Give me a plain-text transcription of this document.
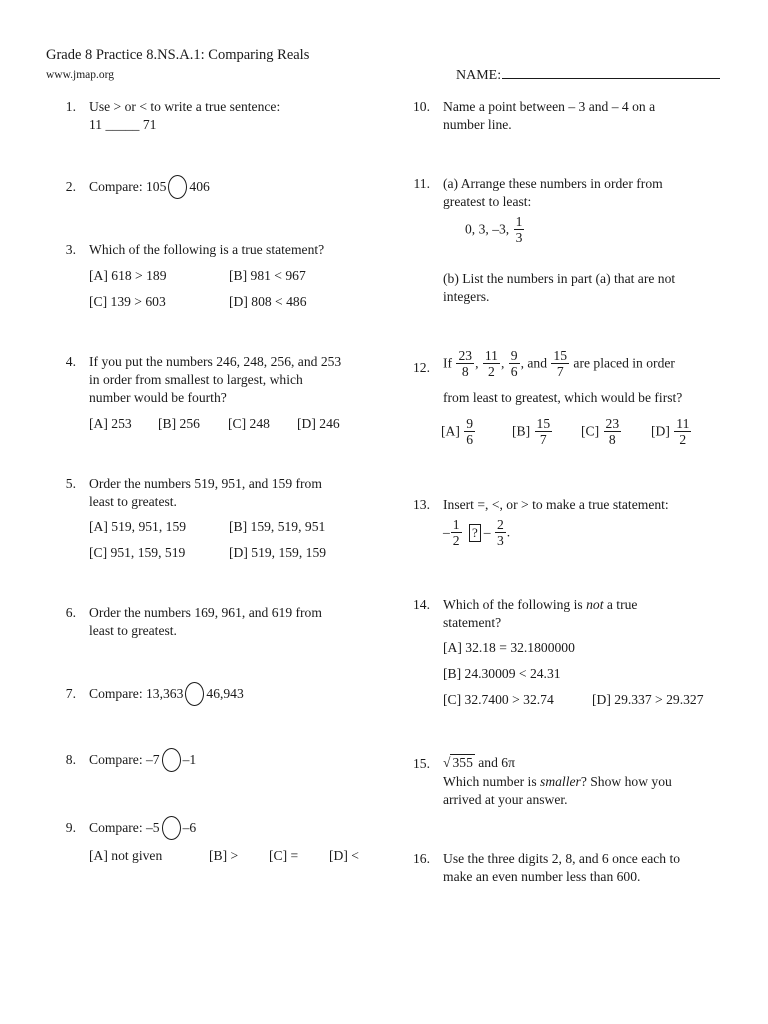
Grade 8 Practice 8.NS.A.1: Comparing Reals
www.jmap.org	NAME:
1. Use > or < to write a true sentence:
11 _____ 71
2. Compare: 105 406
3. Which of the following is a true statement?
[A] 618 > 189	[B] 981 < 967
[C] 139 > 603	[D] 808 < 486
4. If you put the numbers 246, 248, 256, and 253
in order from smallest to largest, which
number would be fourth?
[A] 253 [B] 256 [C] 248 [D] 246
5. Order the numbers 519, 951, and 159 from
least to greatest.
[A] 519, 951, 159	[B] 159, 519, 951
[C] 951, 159, 519	[D] 519, 159, 159
6. Order the numbers 169, 961, and 619 from
least to greatest.
7. Compare: 13,363 46,943
8. Compare: –7 –1
9. Compare: –5 –6
[A] not given	[B] > [C] = [D] <
10. Name a point between – 3 and – 4 on a
number line.
11. (a) Arrange these numbers in order from
greatest to least:
0, 3, –3, $\frac{1}{3}$
(b) List the numbers in part (a) that are not
integers.
12. If $\frac{23}{8}$ , $\frac{11}{2}$ , $\frac{9}{6}$ , and $\frac{15}{7}$ are placed in order
from least to greatest, which would be first?
$[A] \frac{9}{6}$	$[B] \frac{15}{7} [C] \frac{23}{8} [D] \frac{11}{2}$
13. Insert =, <, or > to make a true statement:
– $\frac{1}{2}$ ? – $\frac{2}{3}$ .
14. Which of the following is not a true
statement?
[A] 32.18 = 32.1800000
[B] 24.30009 < 24.31
[C] 32.7400 > 32.74	[D] 29.337 > 29.327
15. √ 355 and 6π
Which number is smaller? Show how you
arrived at your answer.
16. Use the three digits 2, 8, and 6 once each to
make an even number less than 600.
